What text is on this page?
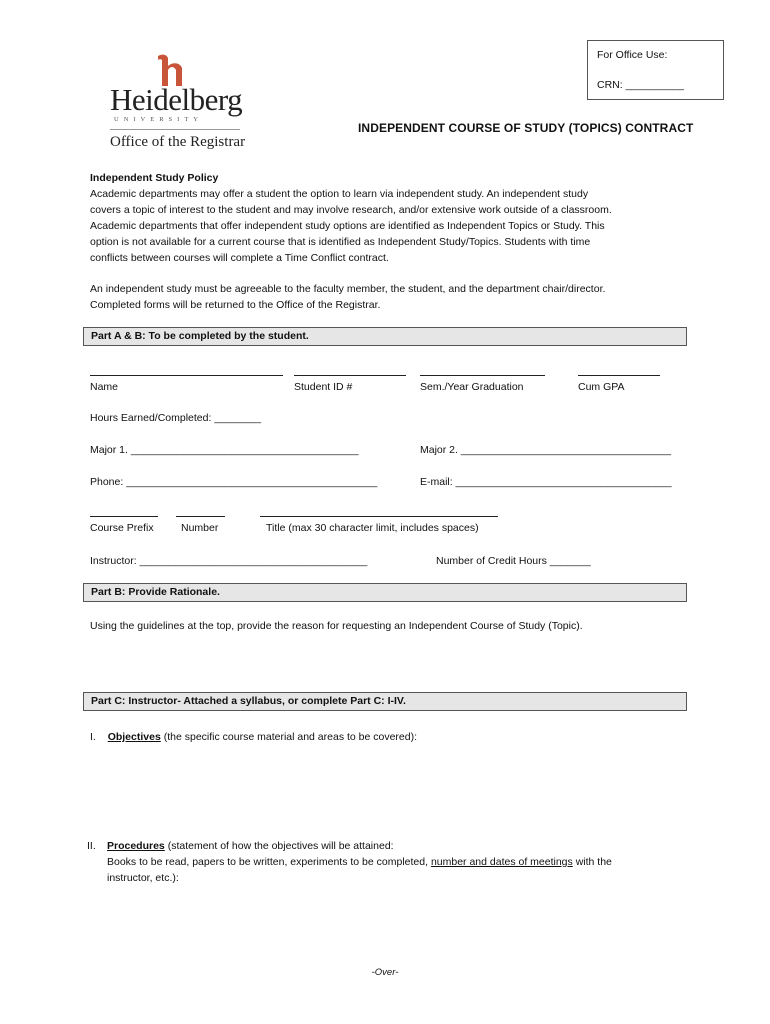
For Office Use:
CRN: __________
Heidelberg
UNIVERSITY
Office of the Registrar
INDEPENDENT COURSE OF STUDY (TOPICS) CONTRACT
Independent Study Policy
Academic departments may offer a student the option to learn via independent study. An independent study
covers a topic of interest to the student and may involve research, and/or extensive work outside of a classroom.
Academic departments that offer independent study options are identified as Independent Topics or Study. This
option is not available for a current course that is identified as Independent Study/Topics. Students with time
conflicts between courses will complete a Time Conflict contract.
An independent study must be agreeable to the faculty member, the student, and the department chair/director.
Completed forms will be returned to the Office of the Registrar.
Part A & B: To be completed by the student.
Name	Student ID #	Sem./Year Graduation	Cum GPA
Hours Earned/Completed: ________
Major 1. _______________________________________	Major 2. ____________________________________
Phone: ___________________________________________	E-mail: _____________________________________
Course Prefix	Number	Title (max 30 character limit, includes spaces)
Instructor: _______________________________________	Number of Credit Hours _______
Part B: Provide Rationale.
Using the guidelines at the top, provide the reason for requesting an Independent Course of Study (Topic).
Part C: Instructor- Attached a syllabus, or complete Part C: I-IV.
I. Objectives (the specific course material and areas to be covered):
II. Procedures (statement of how the objectives will be attained:
Books to be read, papers to be written, experiments to be completed, number and dates of meetings with the
instructor, etc.):
-Over-
